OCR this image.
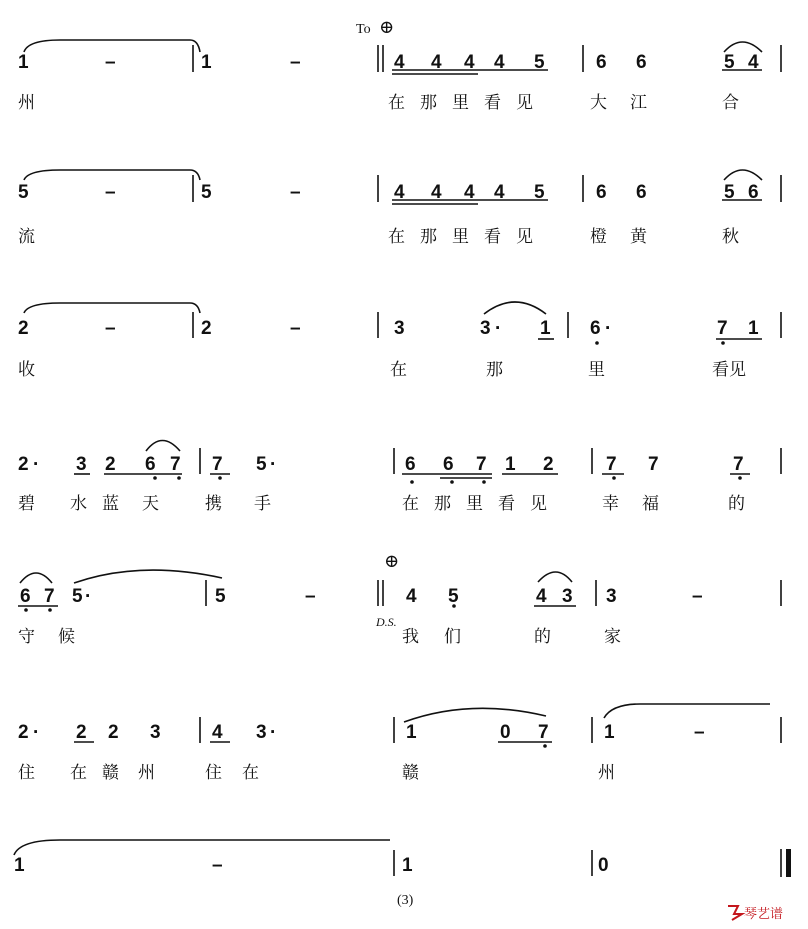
1	–	1	–	4 4 4 4 5	6 6	5 4
5	–	5	–	4 4 4 4 5	6 6	5 6
2	–	2	–	3	3 · 1 6 ·	7 1
2 · 3 2 6 7 7 5 ·	6 6 7 1 2	7 7	7
6 7 5 ·	5	–	4 5	4 3 3	–
2 · 2 2 3	4 3 ·	1	0 7	1	–
1	–	1	0
州	在 那 里 看 见	大 江	合
流	在 那 里 看 见	橙 黄	秋
收	在	那	里	看见
碧 水 蓝 天	携 手	在 那 里 看 见	幸 福	的
守 候	我 们	的	家
住 在 赣 州	住 在	赣	州
To ⊕
⊕
D.S.
(3)
琴艺谱
